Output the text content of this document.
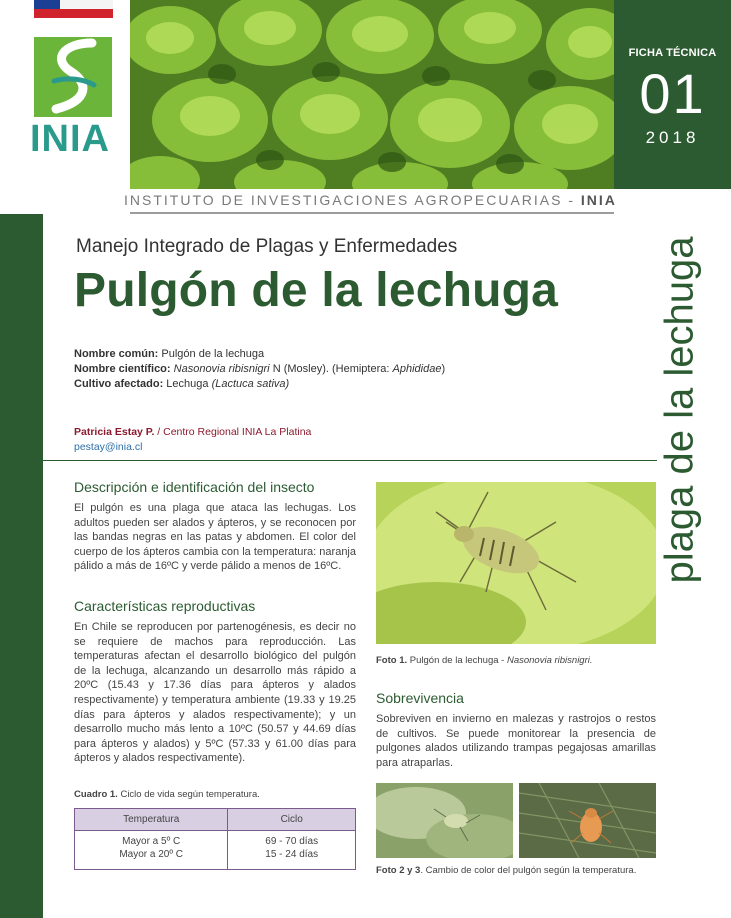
INIA
FICHA TÉCNICA
01
2018
INSTITUTO DE INVESTIGACIONES AGROPECUARIAS - INIA
plaga de la lechuga
Manejo Integrado de Plagas y Enfermedades
Pulgón de la lechuga
Nombre común: Pulgón de la lechuga
Nombre científico: Nasonovia ribisnigri N (Mosley). (Hemiptera: Aphididae)
Cultivo afectado: Lechuga (Lactuca sativa)
Patricia Estay P. / Centro Regional INIA La Platina
pestay@inia.cl
Descripción e identificación del insecto
El pulgón es una plaga que ataca las lechugas. Los adultos pueden ser alados y ápteros, y se reconocen por las bandas negras en las patas y abdomen. El color del cuerpo de los ápteros cambia con la temperatura: naranja pálido a más de 16ºC y verde pálido a menos de 16ºC.
Características reproductivas
En Chile se reproducen por partenogénesis, es decir no se requiere de machos para reproducción. Las temperaturas afectan el desarrollo biológico del pulgón de la lechuga, alcanzando un desarrollo más rápido a 20ºC (15.43 y 17.36 días para ápteros y alados respectivamente) y temperatura ambiente (19.33 y 19.25 días para ápteros y alados respectivamente); y un desarrollo mucho más lento a 10ºC (50.57 y 44.69 días para ápteros y alados) y 5ºC (57.33 y 61.00 días para ápteros y alados respectivamente).
Cuadro 1. Ciclo de vida según temperatura.
Temperatura	Ciclo
Mayor a 5º C	69 - 70 días
Mayor a 20º C	15 - 24 días
Foto 1. Pulgón de la lechuga - Nasonovia ribisnigri.
Sobrevivencia
Sobreviven en invierno en malezas y rastrojos o restos de cultivos. Se puede monitorear la presencia de pulgones alados utilizando trampas pegajosas amarillas para atraparlas.
Foto 2 y 3. Cambio de color del pulgón según la temperatura.
